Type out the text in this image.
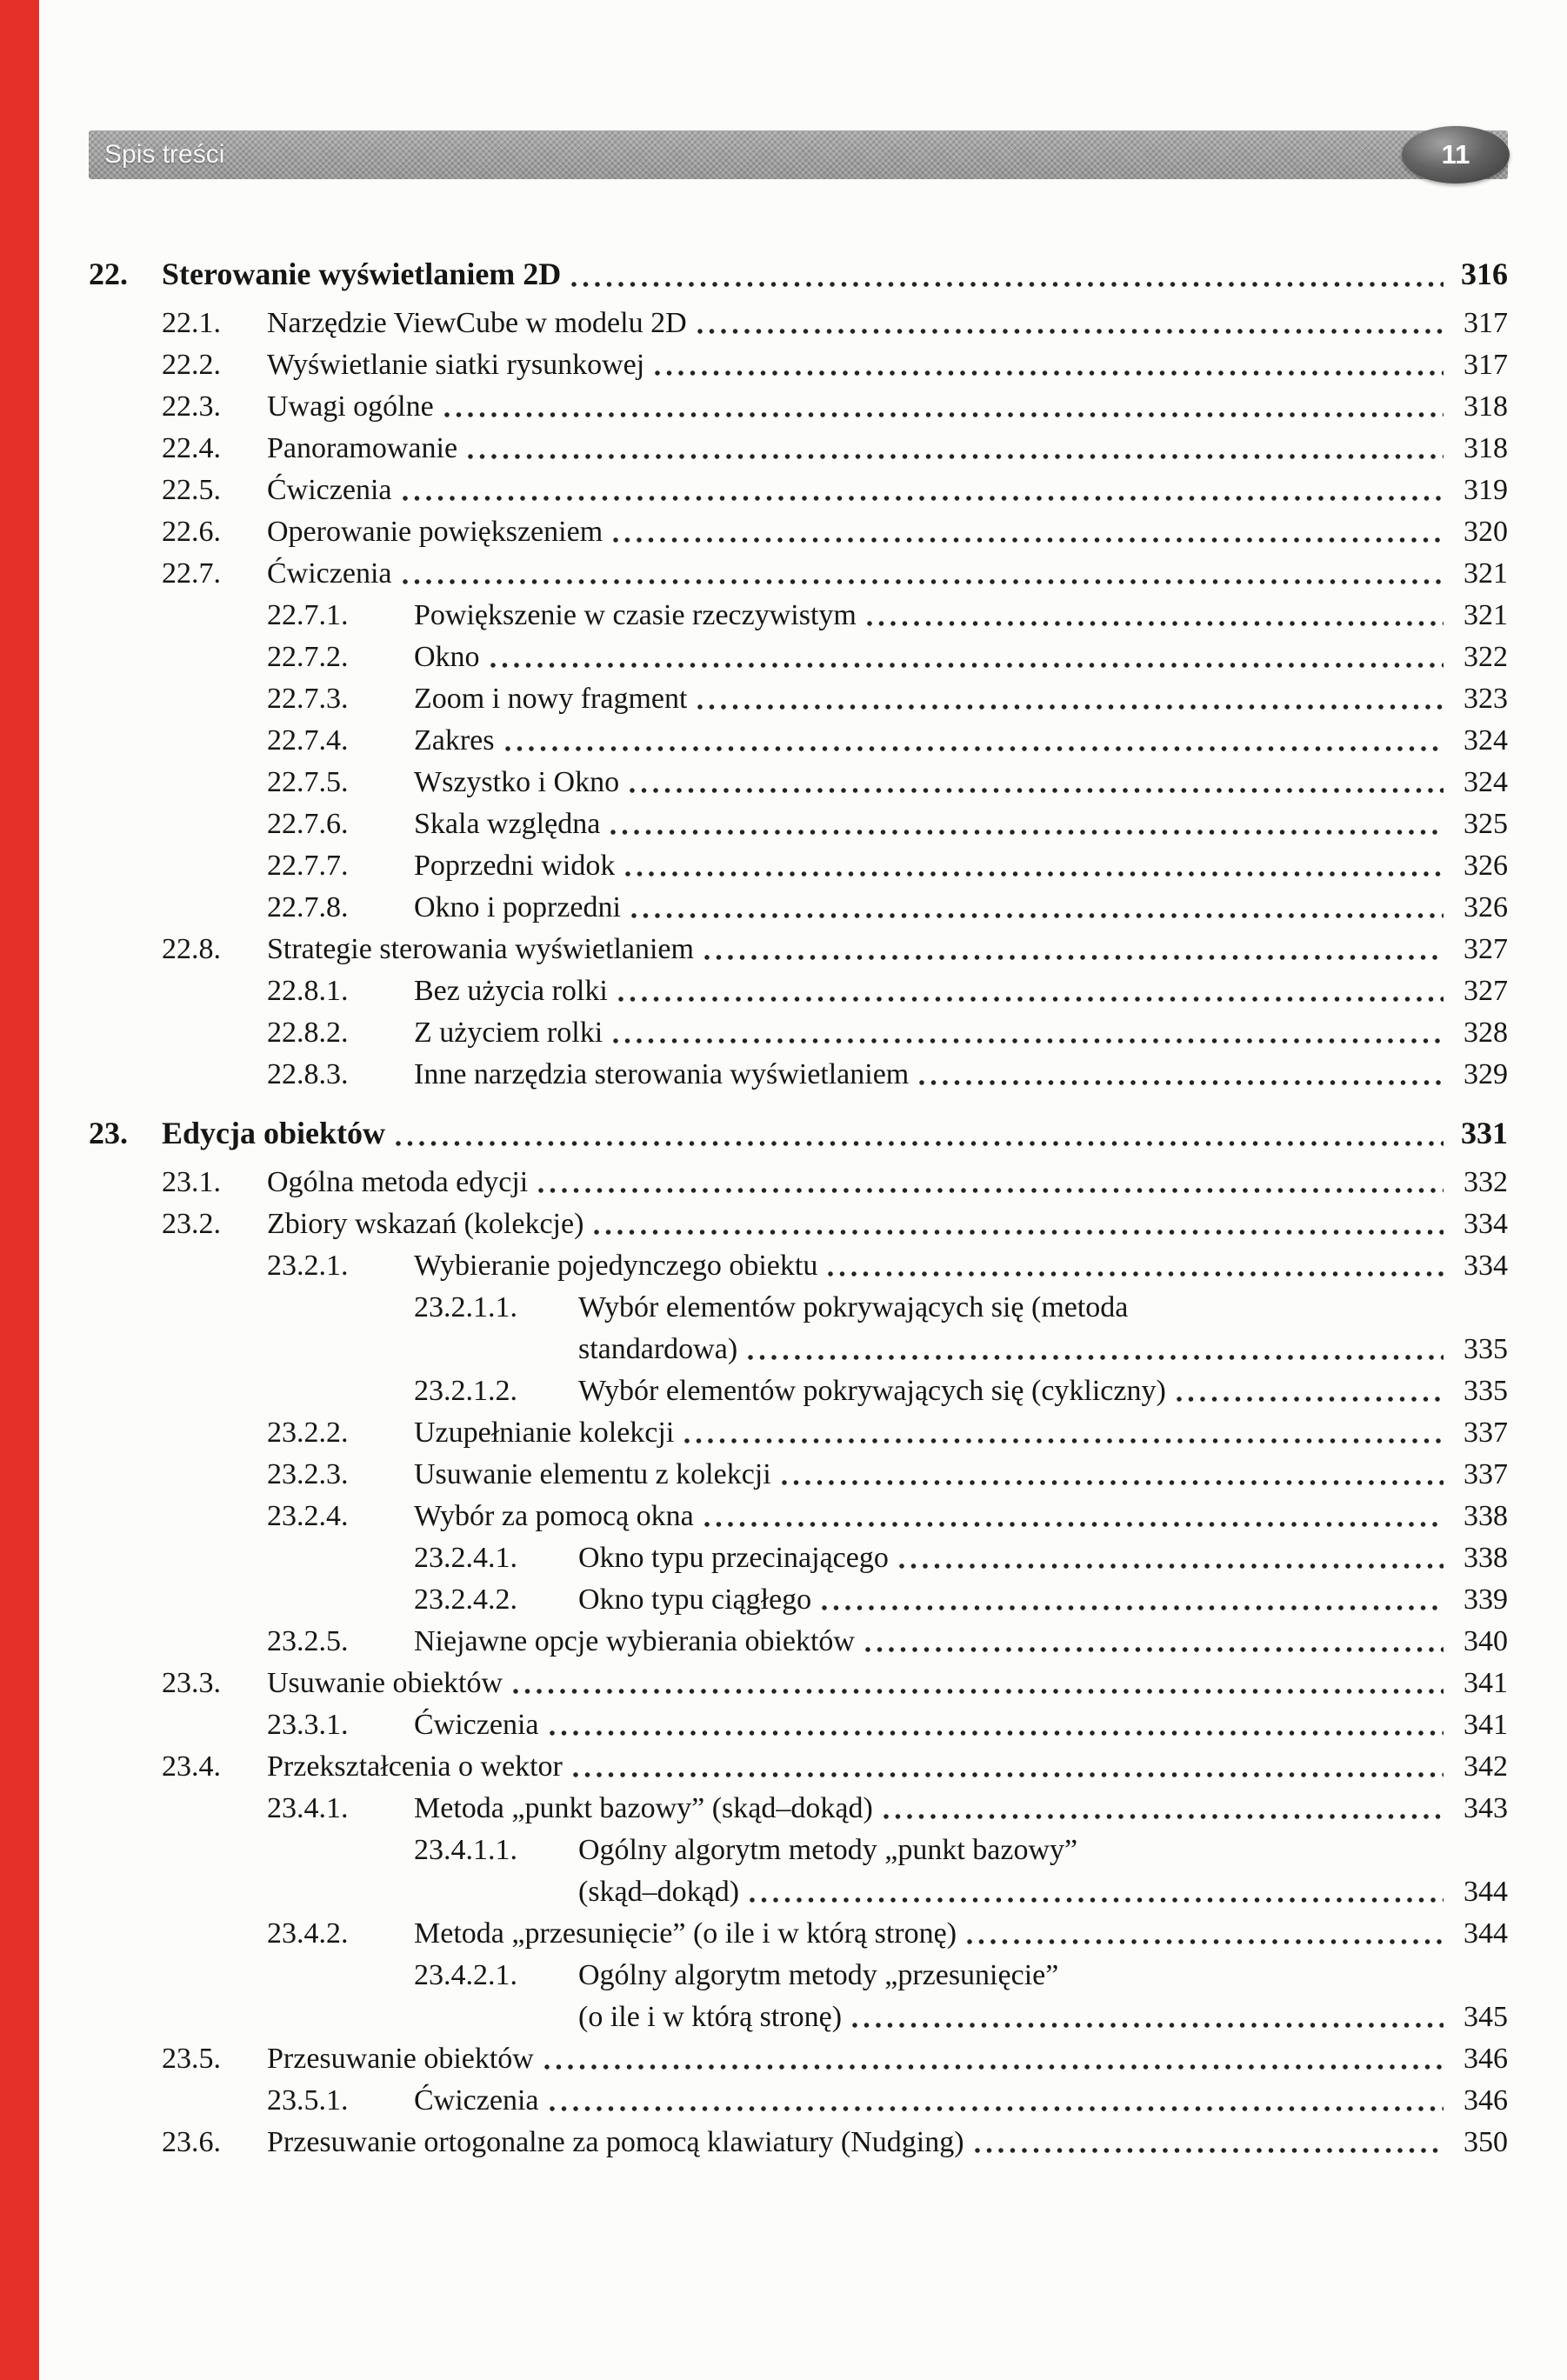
Spis treści	11
22.	Sterowanie wyświetlaniem 2D	316
22.1.	Narzędzie ViewCube w modelu 2D	317
22.2.	Wyświetlanie siatki rysunkowej	317
22.3.	Uwagi ogólne	318
22.4.	Panoramowanie	318
22.5.	Ćwiczenia	319
22.6.	Operowanie powiększeniem	320
22.7.	Ćwiczenia	321
22.7.1.	Powiększenie w czasie rzeczywistym	321
22.7.2.	Okno	322
22.7.3.	Zoom i nowy fragment	323
22.7.4.	Zakres	324
22.7.5.	Wszystko i Okno	324
22.7.6.	Skala względna	325
22.7.7.	Poprzedni widok	326
22.7.8.	Okno i poprzedni	326
22.8.	Strategie sterowania wyświetlaniem	327
22.8.1.	Bez użycia rolki	327
22.8.2.	Z użyciem rolki	328
22.8.3.	Inne narzędzia sterowania wyświetlaniem	329
23.	Edycja obiektów	331
23.1.	Ogólna metoda edycji	332
23.2.	Zbiory wskazań (kolekcje)	334
23.2.1.	Wybieranie pojedynczego obiektu	334
23.2.1.1.	Wybór elementów pokrywających się (metoda
standardowa)	335
23.2.1.2.	Wybór elementów pokrywających się (cykliczny)	335
23.2.2.	Uzupełnianie kolekcji	337
23.2.3.	Usuwanie elementu z kolekcji	337
23.2.4.	Wybór za pomocą okna	338
23.2.4.1.	Okno typu przecinającego	338
23.2.4.2.	Okno typu ciągłego	339
23.2.5.	Niejawne opcje wybierania obiektów	340
23.3.	Usuwanie obiektów	341
23.3.1.	Ćwiczenia	341
23.4.	Przekształcenia o wektor	342
23.4.1.	Metoda „punkt bazowy” (skąd–dokąd)	343
23.4.1.1.	Ogólny algorytm metody „punkt bazowy”
(skąd–dokąd)	344
23.4.2.	Metoda „przesunięcie” (o ile i w którą stronę)	344
23.4.2.1.	Ogólny algorytm metody „przesunięcie”
(o ile i w którą stronę)	345
23.5.	Przesuwanie obiektów	346
23.5.1.	Ćwiczenia	346
23.6.	Przesuwanie ortogonalne za pomocą klawiatury (Nudging)	350
